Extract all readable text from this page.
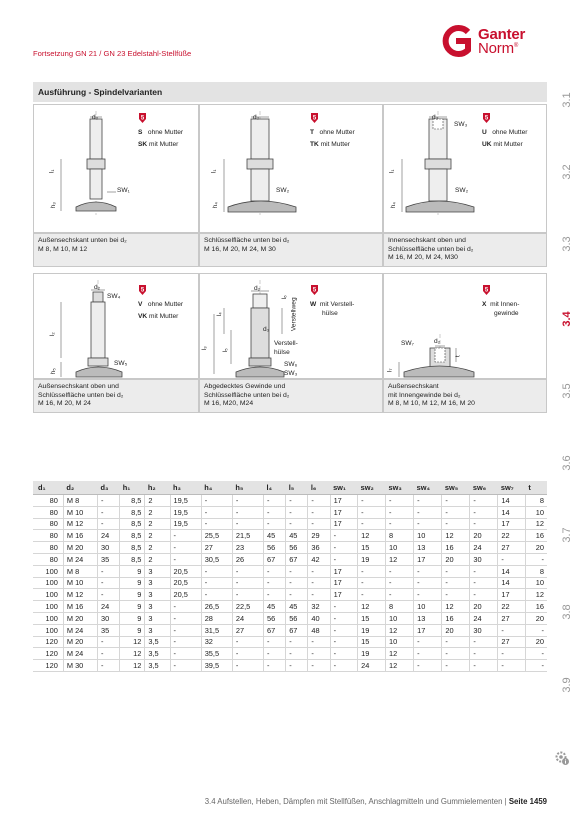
Fortsetzung GN 21 / GN 23 Edelstahl-Stellfüße
Ganter
Norm®
3.1
3.2
3.3
3.4
3.5
3.6
3.7
3.8
3.9
Ausführung - Spindelvarianten
d₂
l₁
h₃
SW₁
5
S ohne Mutter
SK mit Mutter
Außensechskant unten bei d₂
M 8, M 10, M 12
d₂
l₁
h₄
SW₂
5
T ohne Mutter
TK mit Mutter
Schlüsselfläche unten bei d₂
M 16, M 20, M 24, M 30
d₂
SW₃
l₁
h₄
SW₂
5
U ohne Mutter
UK mit Mutter
Innensechskant oben und
Schlüsselfläche unten bei d₂
M 16, M 20, M 24, M30
d₂
SW₄
l₂
SW₅
h₅
5
V ohne Mutter
VK mit Mutter
Außensechskant oben und
Schlüsselfläche unten bei d₂
M 16, M 20, M 24
d₂
l₆
l₄
d₃
l₃ l₅
Verstellweg
Verstell-
hülse
SW₆
SW₃
5
W mit Verstell-
hülse
Abgedecktes Gewinde und
Schlüsselfläche unten bei d₂
M 16, M20, M24
SW₇	d₂
l₇
t
5
X mit Innen-
gewinde
Außensechskant
mit Innengewinde bei d₂
M 8, M 10, M 12, M 16, M 20
d₁	d₂	d₃	h₁	h₂	h₃	h₄	h₅	l₄	l₅	l₆	sw₁	sw₂	sw₃	sw₄	sw₅	sw₆	sw₇	t
80	M 8	-	8,5	2	19,5	-	-	-	-	-	17	-	-	-	-	-	14	8
80	M 10	-	8,5	2	19,5	-	-	-	-	-	17	-	-	-	-	-	14	10
80	M 12	-	8,5	2	19,5	-	-	-	-	-	17	-	-	-	-	-	17	12
80	M 16	24	8,5	2	-	25,5	21,5	45	45	29	-	12	8	10	12	20	22	16
80	M 20	30	8,5	2	-	27	23	56	56	36	-	15	10	13	16	24	27	20
80	M 24	35	8,5	2	-	30,5	26	67	67	42	-	19	12	17	20	30	-	-
100	M 8	-	9	3	20,5	-	-	-	-	-	17	-	-	-	-	-	14	8
100	M 10	-	9	3	20,5	-	-	-	-	-	17	-	-	-	-	-	14	10
100	M 12	-	9	3	20,5	-	-	-	-	-	17	-	-	-	-	-	17	12
100	M 16	24	9	3	-	26,5	22,5	45	45	32	-	12	8	10	12	20	22	16
100	M 20	30	9	3	-	28	24	56	56	40	-	15	10	13	16	24	27	20
100	M 24	35	9	3	-	31,5	27	67	67	48	-	19	12	17	20	30	-	-
120	M 20	-	12	3,5	-	32	-	-	-	-	-	15	10	-	-	-	27	20
120	M 24	-	12	3,5	-	35,5	-	-	-	-	-	19	12	-	-	-	-	-
120	M 30	-	12	3,5	-	39,5	-	-	-	-	-	24	12	-	-	-	-	-
3.4 Aufstellen, Heben, Dämpfen mit Stellfüßen, Anschlagmitteln und Gummielementen | Seite 1459
